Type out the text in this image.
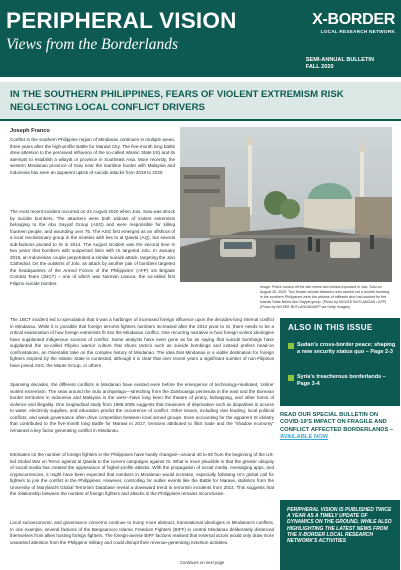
PERIPHERAL VISION
Views from the Borderlands
X-BORDER
LOCAL RESEARCH NETWORK
SEMI-ANNUAL BULLETIN
FALL 2020
IN THE SOUTHERN PHILIPPINES, FEARS OF VIOLENT EXTREMISM RISK NEGLECTING LOCAL CONFLICT DRIVERS
Joseph Franco

Conflict in the southern Philippine region of Mindanao continues in multiple areas, three years after the high-profile Battle for Marawi City. The five-month long battle drew attention to the perceived influence of the so-called Islamic State (IS) and its attempts to establish a wilayat or province in Southeast Asia. More recently, the western Mindanao province of Sulu near the maritime border with Malaysia and Indonesia has seen an apparent uptick of suicide attacks from 2018 to 2020.

The most recent incident occurred on 24 August 2020 when Jolo, Sulu was struck by suicide bombers. The attackers were both widows of violent extremists belonging to the Abu Sayyaf Group (ASG) and were responsible for killing fourteen people, and wounding over 75. The ASG first emerged as an offshoot of a local revolutionary group in the nineties with ties to al Qaeda (AQ), but several sub-factions pivoted to IS in 2014. The August incident was the second time in two years that bombers with suspected links with IS targeted Jolo. In January 2019, an Indonesian couple perpetrated a similar suicide attack, targeting the Jolo Cathedral. On the outskirts of Jolo, an attack by another pair of bombers targeted the headquarters of the Armed Forces of the Philippines' (AFP) 1st Brigade Combat Team (1BCT) – one of which was Norman Lasuca, the so-called first Filipino suicide bomber.

Image: Police cordon off the site where two bombs exploded in Jolo, Sulu on August 26, 2020. Two female suicide attackers who carried out a double bombing in the southern Philippines were the widows of militants who had worked for the Islamic State-linked Abu Sayyaf group. (Photo by NICKEE BUTLANGAN / AFP) (Photo by NICKEE BUTLANGAN/AFP via Getty Images)
The 1BCT incident led to speculation that it was a harbinger of increased foreign influence upon the decades-long internal conflict in Mindanao. While it is possible that foreign terrorist fighters numbers increased after the 2014 pivot to IS, there needs to be a critical examination of how foreign extremists fit into the Mindanao conflict. One recurring narrative is how foreign violent ideologies have supplanted indigenous sources of conflict. Some analysts have even gone as far as saying that suicide bombings have supplanted the so-called Filipino warrior culture that shuns tactics such as suicide bombings and instead prefers head-on confrontations, an Orientalist take on the complex history of Mindanao. The idea that Mindanao is a viable destination for foreign fighters inspired by the Islamic State is contested, although it is clear that over recent years a significant number of non-Filipinos have joined ASG, the Maute Group, or others.
Spanning decades, the different conflicts in Mindanao have existed even before the emergence of technology-mediated, 'online' violent extremism. The seas around the Sulu archipelago—stretching from the Zamboanga peninsula in the east and the Bornean border territories in Indonesia and Malaysia in the west—have long been the theatre of piracy, kidnapping, and other forms of violence and illegality. One longitudinal study from 1986-2005 suggests that measures of deprivation such as disparities in access to water, electricity supplies, and education predict the occurrence of conflict. Other issues, including clan feuding, local political conflicts, and weak governance often drive competition between local armed groups. Even accounting for the apparent IS idolatry that contributed to the five-month long Battle for Marawi in 2017, tensions attributed to illicit trade and the "shadow economy" remained a key factor generating conflict in Mindanao.
Estimates on the number of foreign fighters in the Philippines have hardly changed—around 40 to 60 from the beginning of the US-led Global War on Terror against al Qaeda to the current campaigns against IS. What is more plausible is that the greater ubiquity of social media has created the appearance of higher-profile attacks. With the propagation of social media, messaging apps, and cryptocurrencies, it might have been expected that numbers in Mindanao would increase, especially following IS's global call for fighters to join the conflict in the Philippines. However, controlling for outlier events like the Battle for Marawi, statistics from the University of Maryland's Global Terrorism Database reveal a downward trend in terrorism incidents from 2014. This suggests that the relationship between the number of foreign fighters and attacks in the Philippines remains inconclusive.
Local socioeconomic and governance concerns continue to trump more abstract, transnational ideologies in Mindanao's conflicts. In one example, several factions of the Bangsamoro Islamic Freedom Fighters (BIFF) in central Mindanao deliberately distanced themselves from allies hosting foreign fighters. The foreign-averse BIFF factions realised that external actors would only draw more unwanted attention from the Philippine military and could disrupt their revenue-generating extortion activities.
ALSO IN THIS ISSUE
Sudan's cross-border peace: shaping a new security status quo – Page 2-3
Syria's treacherous borderlands – Page 3-4

READ OUR SPECIAL BULLETIN ON COVID-19'S IMPACT ON FRAGILE AND CONFLICT AFFECTED BORDERLANDS – AVAILABLE NOW

PERIPHERAL VISION IS PUBLISHED TWICE A YEAR AS A TIMELY UPDATE OF DYNAMICS ON THE GROUND, WHILE ALSO HIGHLIGHTING THE LATEST NEWS FROM THE X-BORDER LOCAL RESEARCH NETWORK'S ACTIVITIES
Continues on next page
